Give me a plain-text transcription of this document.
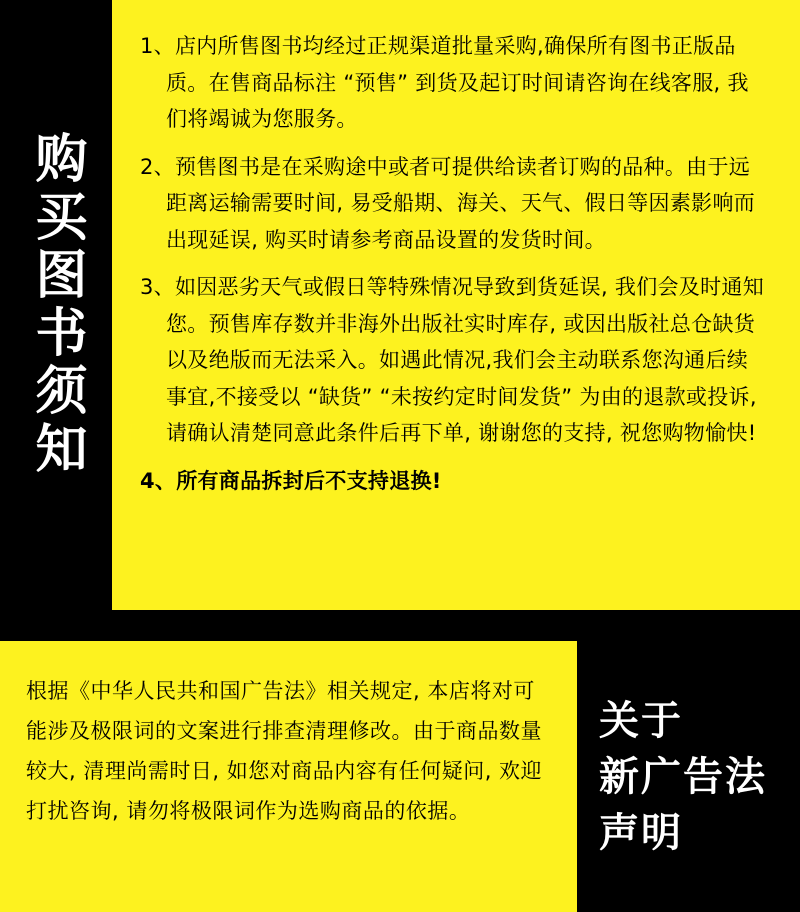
购买图书须知
1、店内所售图书均经过正规渠道批量采购,确保所有图书正版品质。在售商品标注 “预售” 到货及起订时间请咨询在线客服, 我们将竭诚为您服务。
2、预售图书是在采购途中或者可提供给读者订购的品种。由于远距离运输需要时间, 易受船期、海关、天气、假日等因素影响而出现延误, 购买时请参考商品设置的发货时间。
3、如因恶劣天气或假日等特殊情况导致到货延误, 我们会及时通知您。预售库存数并非海外出版社实时库存, 或因出版社总仓缺货以及绝版而无法采入。如遇此情况,我们会主动联系您沟通后续事宜,不接受以 “缺货” “未按约定时间发货” 为由的退款或投诉, 请确认清楚同意此条件后再下单, 谢谢您的支持, 祝您购物愉快!
4、所有商品拆封后不支持退换!

根据《中华人民共和国广告法》相关规定, 本店将对可能涉及极限词的文案进行排查清理修改。由于商品数量较大, 清理尚需时日, 如您对商品内容有任何疑问, 欢迎打扰咨询, 请勿将极限词作为选购商品的依据。

关于
新广告法
声明
